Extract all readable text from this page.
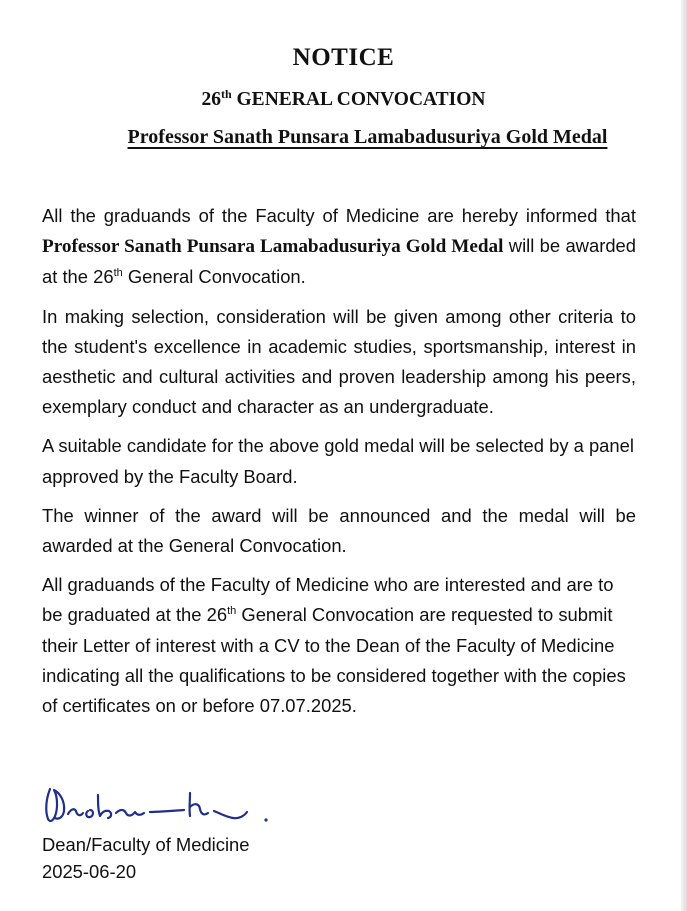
NOTICE
26th GENERAL CONVOCATION
Professor Sanath Punsara Lamabadusuriya Gold Medal

All the graduands of the Faculty of Medicine are hereby informed that Professor Sanath Punsara Lamabadusuriya Gold Medal will be awarded at the 26th General Convocation.

In making selection, consideration will be given among other criteria to the student's excellence in academic studies, sportsmanship, interest in aesthetic and cultural activities and proven leadership among his peers, exemplary conduct and character as an undergraduate.

A suitable candidate for the above gold medal will be selected by a panel approved by the Faculty Board.

The winner of the award will be announced and the medal will be awarded at the General Convocation.

All graduands of the Faculty of Medicine who are interested and are to be graduated at the 26th General Convocation are requested to submit their Letter of interest with a CV to the Dean of the Faculty of Medicine indicating all the qualifications to be considered together with the copies of certificates on or before 07.07.2025.

Dean/Faculty of Medicine
2025-06-20
